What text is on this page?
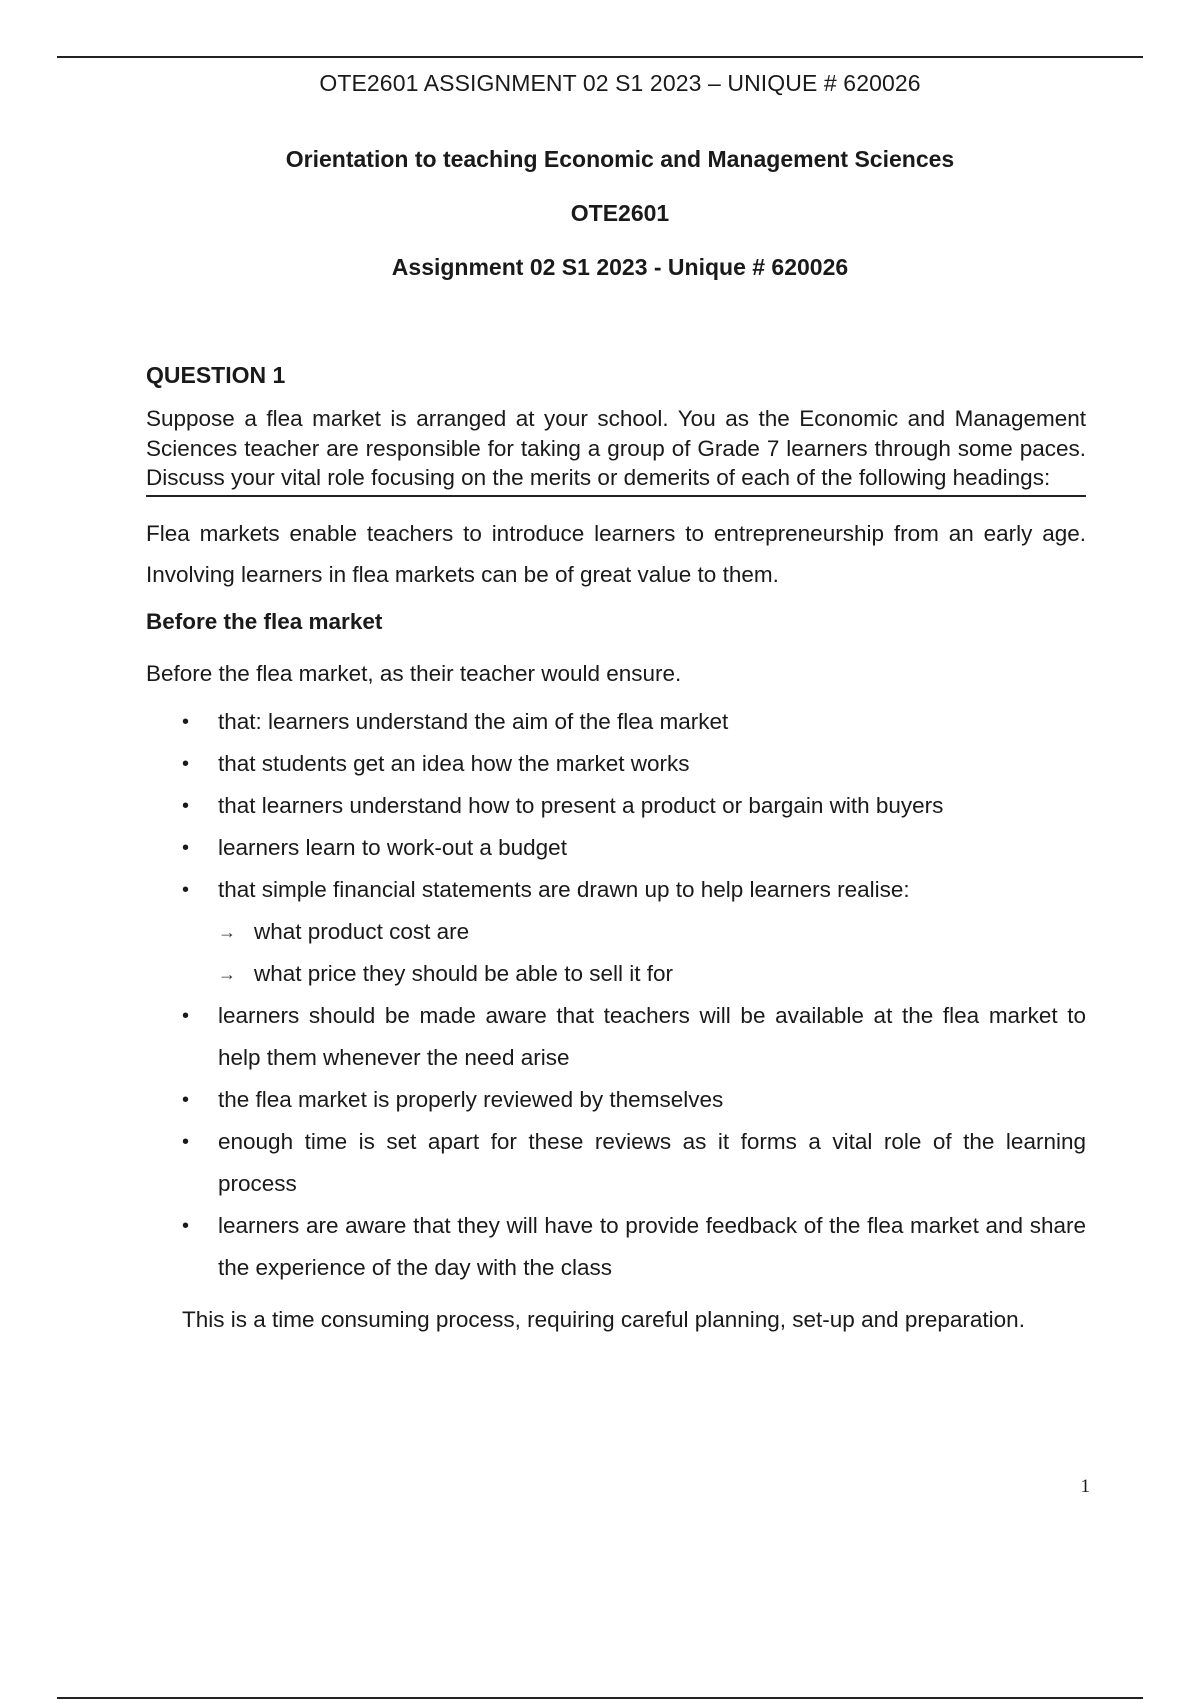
OTE2601 ASSIGNMENT 02 S1 2023 – UNIQUE # 620026
Orientation to teaching Economic and Management Sciences
OTE2601
Assignment 02 S1 2023 - Unique # 620026

QUESTION 1

Suppose a flea market is arranged at your school. You as the Economic and Management Sciences teacher are responsible for taking a group of Grade 7 learners through some paces. Discuss your vital role focusing on the merits or demerits of each of the following headings:

Flea markets enable teachers to introduce learners to entrepreneurship from an early age. Involving learners in flea markets can be of great value to them.

Before the flea market

Before the flea market, as their teacher would ensure.

• that: learners understand the aim of the flea market
• that students get an idea how the market works
• that learners understand how to present a product or bargain with buyers
• learners learn to work-out a budget
• that simple financial statements are drawn up to help learners realise:
→ what product cost are
→ what price they should be able to sell it for
• learners should be made aware that teachers will be available at the flea market to help them whenever the need arise
• the flea market is properly reviewed by themselves
• enough time is set apart for these reviews as it forms a vital role of the learning process
• learners are aware that they will have to provide feedback of the flea market and share the experience of the day with the class

This is a time consuming process, requiring careful planning, set-up and preparation.

1
